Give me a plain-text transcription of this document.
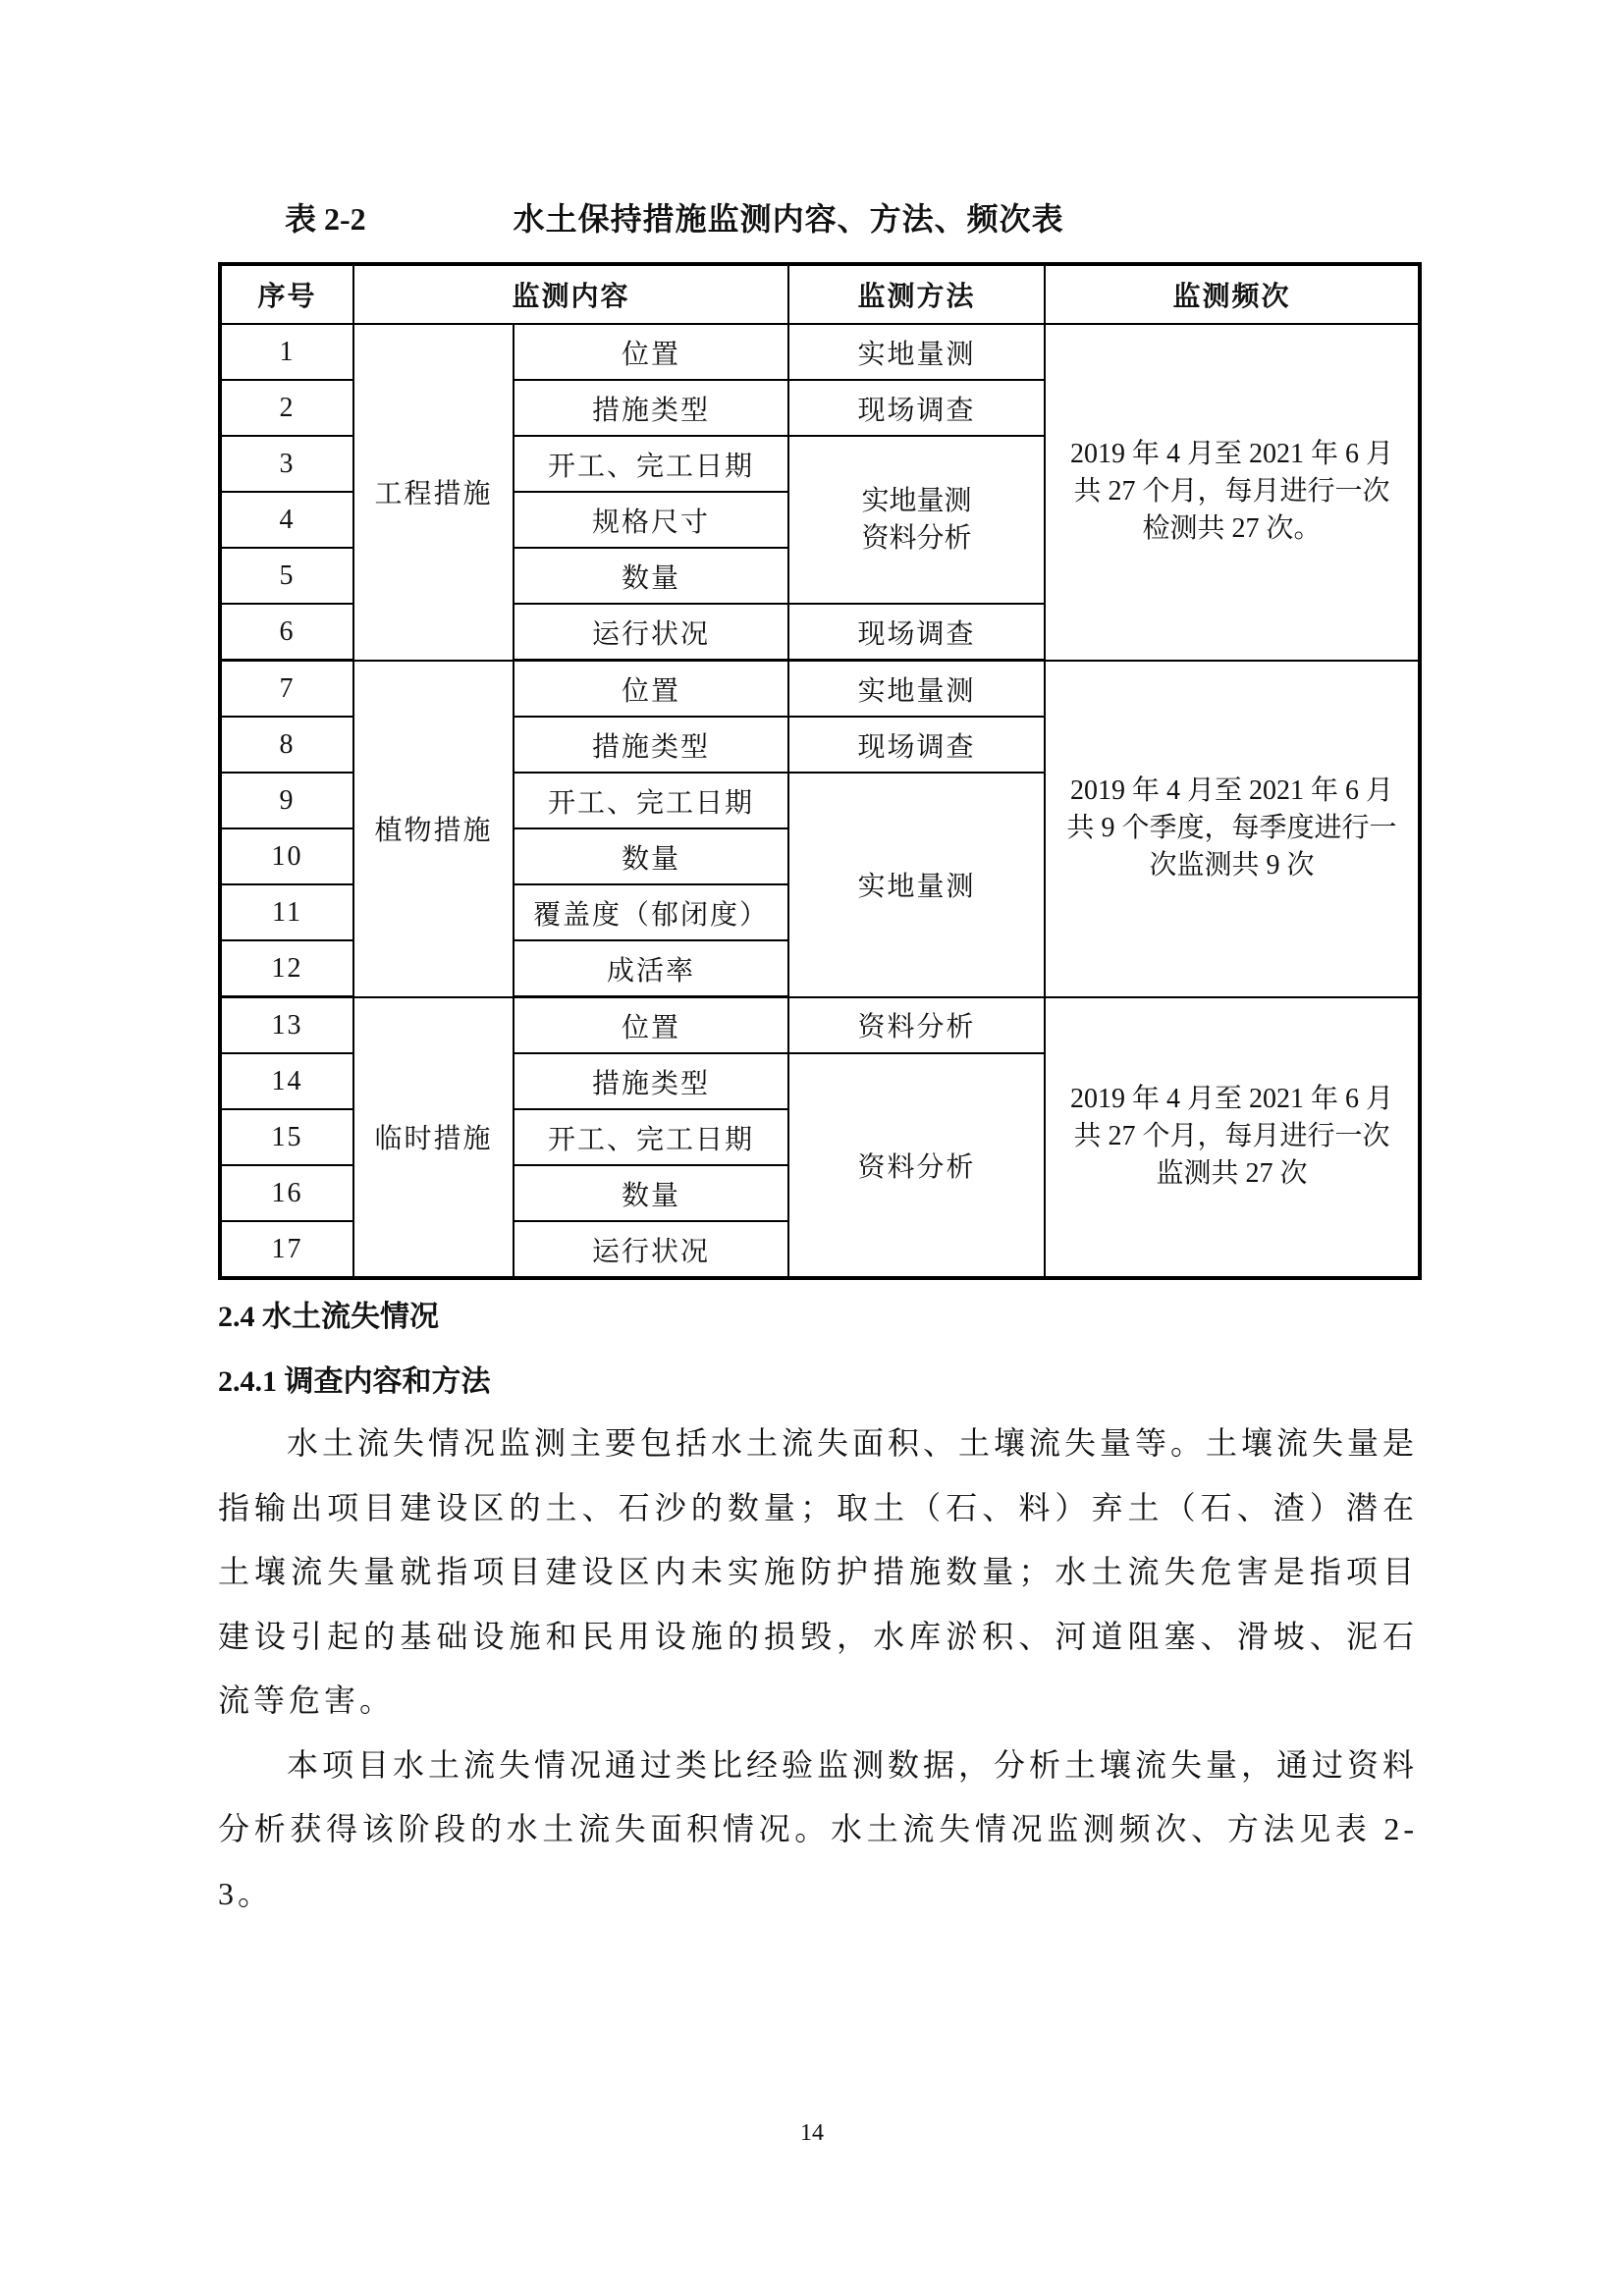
表 2-2	水土保持措施监测内容、方法、频次表
序号	监测内容		监测方法	监测频次
1	工程措施	位置	实地量测	2019 年 4 月至 2021 年 6 月
共 27 个月，每月进行一次
检测共 27 次。

2		措施类型	现场调查	
3		开工、完工日期	实地量测
资料分析	

4		规格尺寸		
5		数量		
6		运行状况	现场调查	
7	植物措施	位置	实地量测	2019 年 4 月至 2021 年 6 月
共 9 个季度，每季度进行一
次监测共 9 次

8		措施类型	现场调查	
9		开工、完工日期	实地量测	
10		数量		
11		覆盖度（郁闭度）		
12		成活率		
13	临时措施	位置	资料分析	2019 年 4 月至 2021 年 6 月
共 27 个月，每月进行一次
监测共 27 次

14		措施类型	资料分析	
15		开工、完工日期		
16		数量		
17		运行状况		
2.4 水土流失情况
2.4.1 调查内容和方法

水土流失情况监测主要包括水土流失面积、土壤流失量等。土壤流失量是指输出项目建设区的土、石沙的数量；取土（石、料）弃土（石、渣）潜在土壤流失量就指项目建设区内未实施防护措施数量；水土流失危害是指项目建设引起的基础设施和民用设施的损毁，水库淤积、河道阻塞、滑坡、泥石流等危害。

本项目水土流失情况通过类比经验监测数据，分析土壤流失量，通过资料分析获得该阶段的水土流失面积情况。水土流失情况监测频次、方法见表 2-3。

14
